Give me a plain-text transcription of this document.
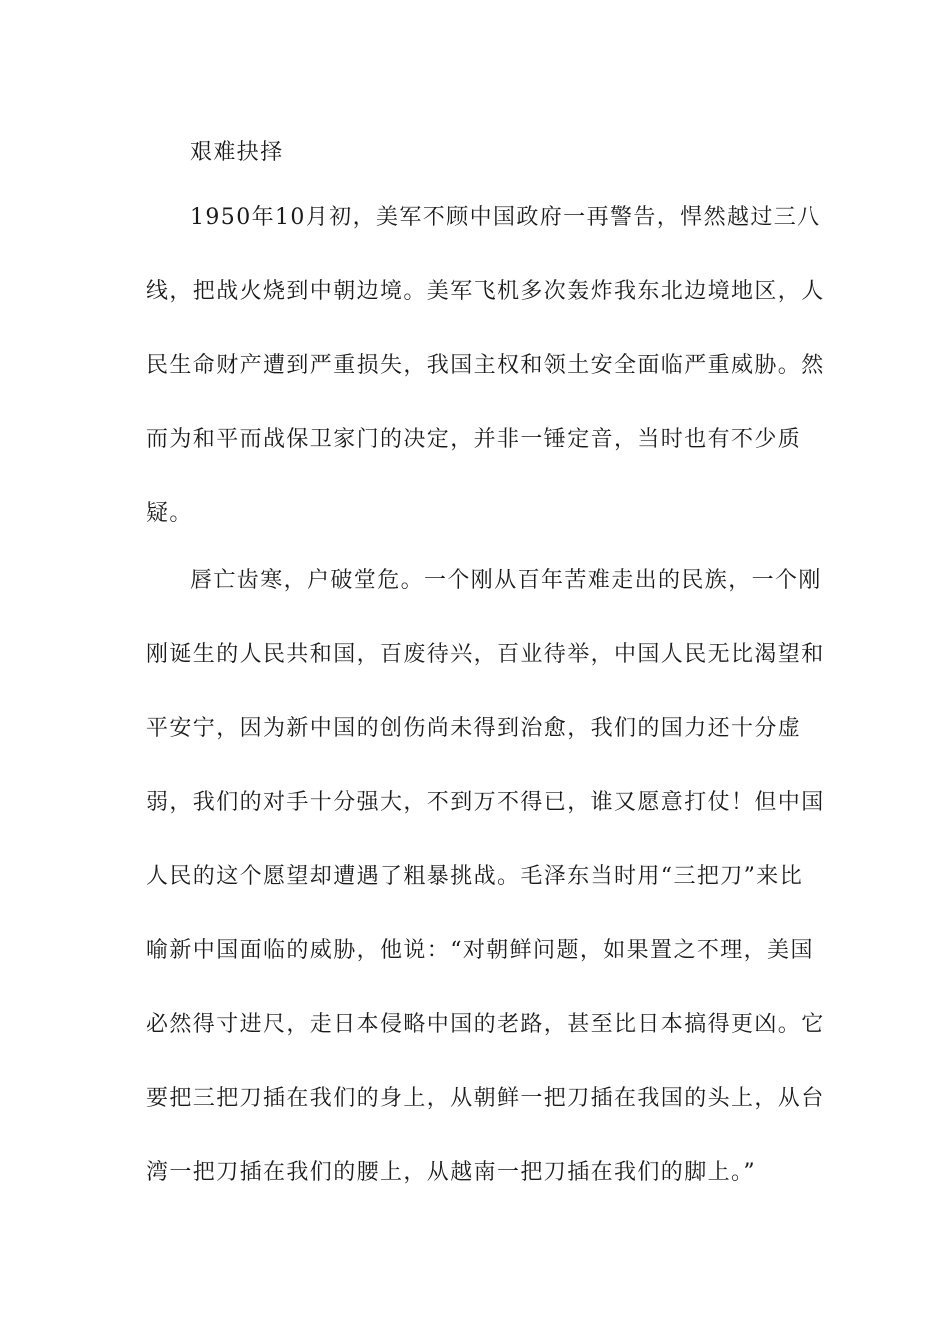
艰难抉择
1950年10月初，美军不顾中国政府一再警告，悍然越过三八
线，把战火烧到中朝边境。美军飞机多次轰炸我东北边境地区，人
民生命财产遭到严重损失，我国主权和领土安全面临严重威胁。然
而为和平而战保卫家门的决定，并非一锤定音，当时也有不少质
疑。
唇亡齿寒，户破堂危。一个刚从百年苦难走出的民族，一个刚
刚诞生的人民共和国，百废待兴，百业待举，中国人民无比渴望和
平安宁，因为新中国的创伤尚未得到治愈，我们的国力还十分虚
弱，我们的对手十分强大，不到万不得已，谁又愿意打仗！但中国
人民的这个愿望却遭遇了粗暴挑战。毛泽东当时用“三把刀”来比
喻新中国面临的威胁，他说：“对朝鲜问题，如果置之不理，美国
必然得寸进尺，走日本侵略中国的老路，甚至比日本搞得更凶。它
要把三把刀插在我们的身上，从朝鲜一把刀插在我国的头上，从台
湾一把刀插在我们的腰上，从越南一把刀插在我们的脚上。”
